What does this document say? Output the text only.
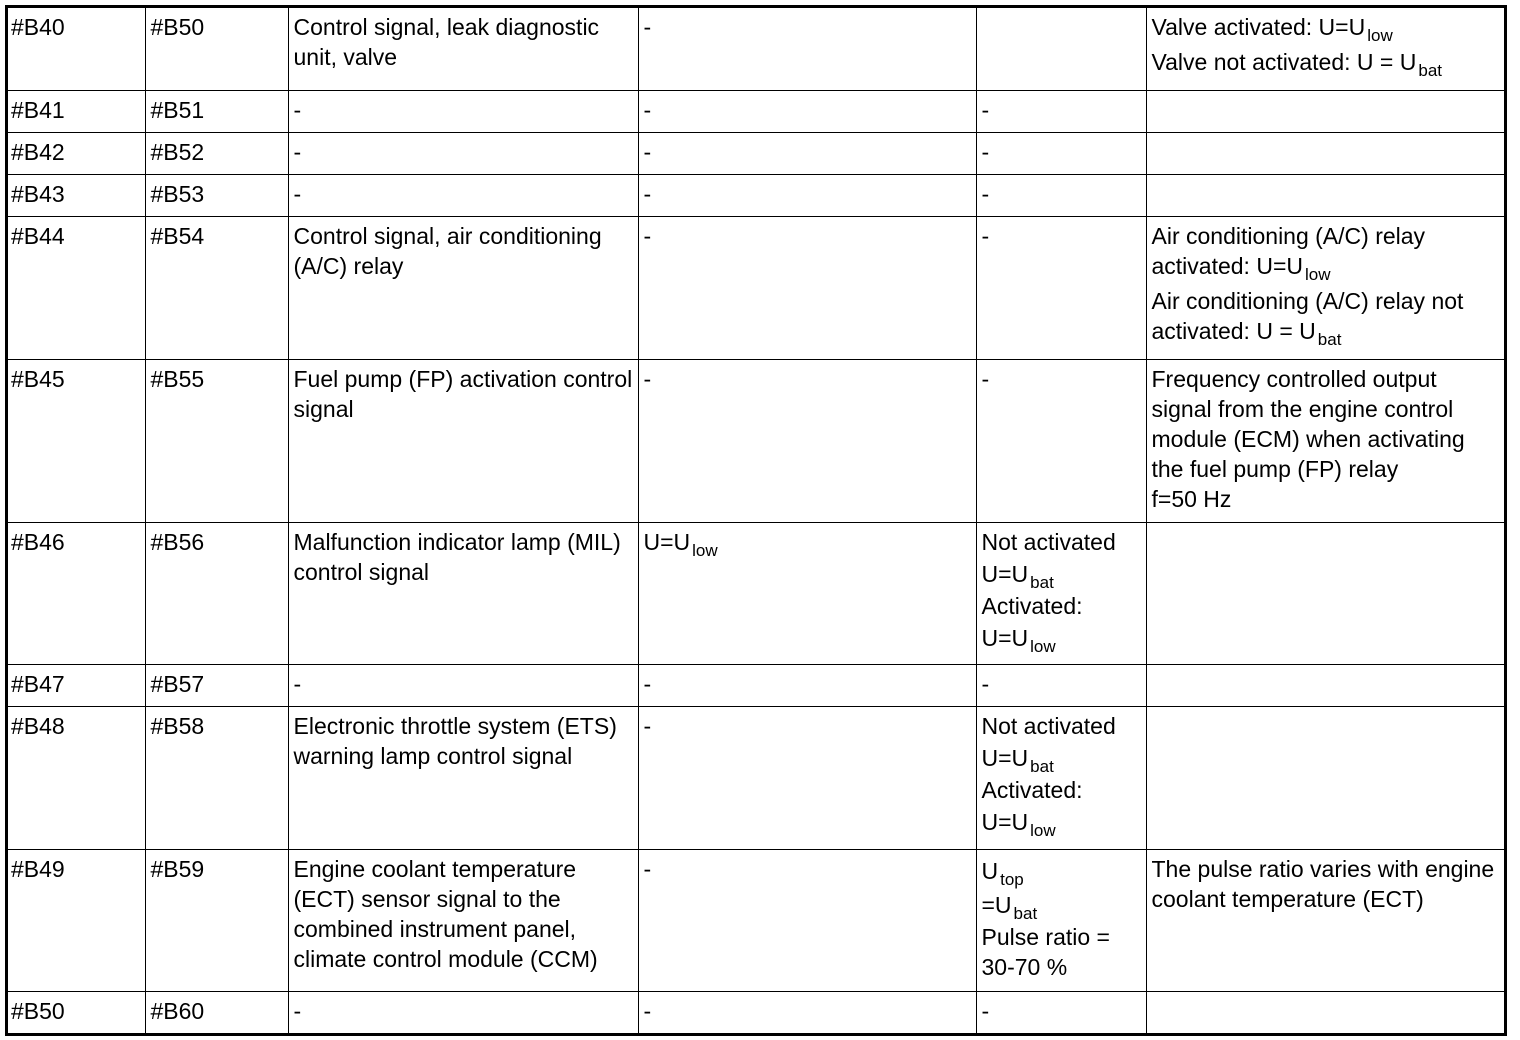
#B40	#B50	Control signal, leak diagnostic unit, valve	-		Valve activated: U=U $_{low}$
Valve not activated: U = U $_{bat}$

#B41	#B51	-	-	-	
#B42	#B52	-	-	-	
#B43	#B53	-	-	-	
#B44	#B54	Control signal, air conditioning (A/C) relay	-	-	Air conditioning (A/C) relay activated: U=U $_{low}$
Air conditioning (A/C) relay not activated: U = U $_{bat}$

#B45	#B55	Fuel pump (FP) activation control signal	-	-	Frequency controlled output signal from the engine control module (ECM) when activating the fuel pump (FP) relay
f=50 Hz

#B46	#B56	Malfunction indicator lamp (MIL) control signal	U=U $_{low}$	Not activated
U=U $_{bat}$
Activated:
U=U $_{low}$

#B47	#B57	-	-	-	
#B48	#B58	Electronic throttle system (ETS) warning lamp control signal	-	Not activated
U=U $_{bat}$
Activated:
U=U $_{low}$

#B49	#B59	Engine coolant temperature (ECT) sensor signal to the combined instrument panel, climate control module (CCM)	-	U $_{top}$
=U $_{bat}$
Pulse ratio =
30-70 %	The pulse ratio varies with engine coolant temperature (ECT)

#B50	#B60	-	-	-	
